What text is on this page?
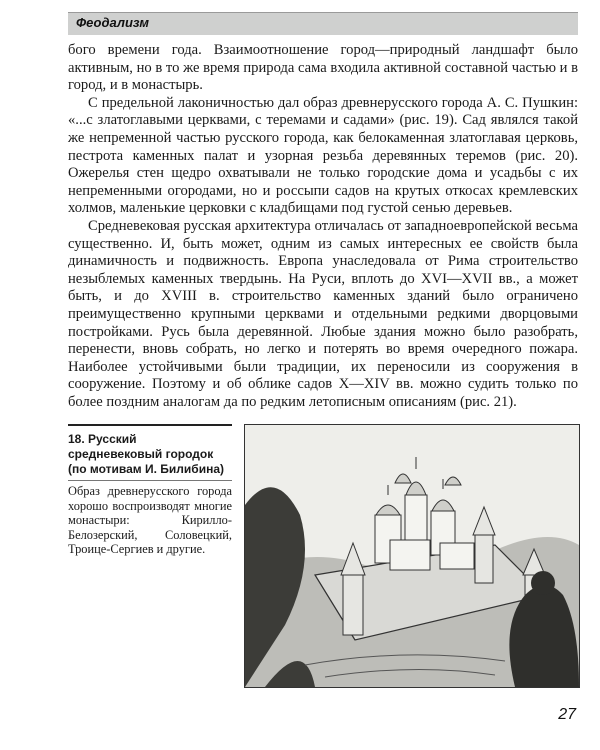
Феодализм

бого времени года. Взаимоотношение город—природный ландшафт было активным, но в то же время природа сама входила активной составной частью и в город, и в монастырь.

С предельной лаконичностью дал образ древнерусского города А. С. Пушкин: «...с златоглавыми церквами, с теремами и садами» (рис. 19). Сад являлся такой же непременной частью русского города, как белокаменная златоглавая церковь, пестрота каменных палат и узорная резьба деревянных теремов (рис. 20). Ожерелья стен щедро охватывали не только городские дома и усадьбы с их непременными огородами, но и россыпи садов на крутых откосах кремлевских холмов, маленькие церковки с кладбищами под густой сенью деревьев.

Средневековая русская архитектура отличалась от западноевропейской весьма существенно. И, быть может, одним из самых интересных ее свойств была динамичность и подвижность. Европа унаследовала от Рима строительство незыблемых каменных твердынь. На Руси, вплоть до XVI—XVII вв., а может быть, и до XVIII в. строительство каменных зданий было ограничено преимущественно крупными церквами и отдельными редкими дворцовыми постройками. Русь была деревянной. Любые здания можно было разобрать, перенести, вновь собрать, но легко и потерять во время очередного пожара. Наиболее устойчивыми были традиции, их переносили из сооружения в сооружение. Поэтому и об облике садов X—XIV вв. можно судить только по более поздним аналогам да по редким летописным описаниям (рис. 21).

18. Русский средневековый городок (по мотивам И. Билибина)

Образ древнерусского города хорошо воспроизводят многие монастыри: Кирилло-Белозерский, Соловецкий, Троице-Сергиев и другие.

27
